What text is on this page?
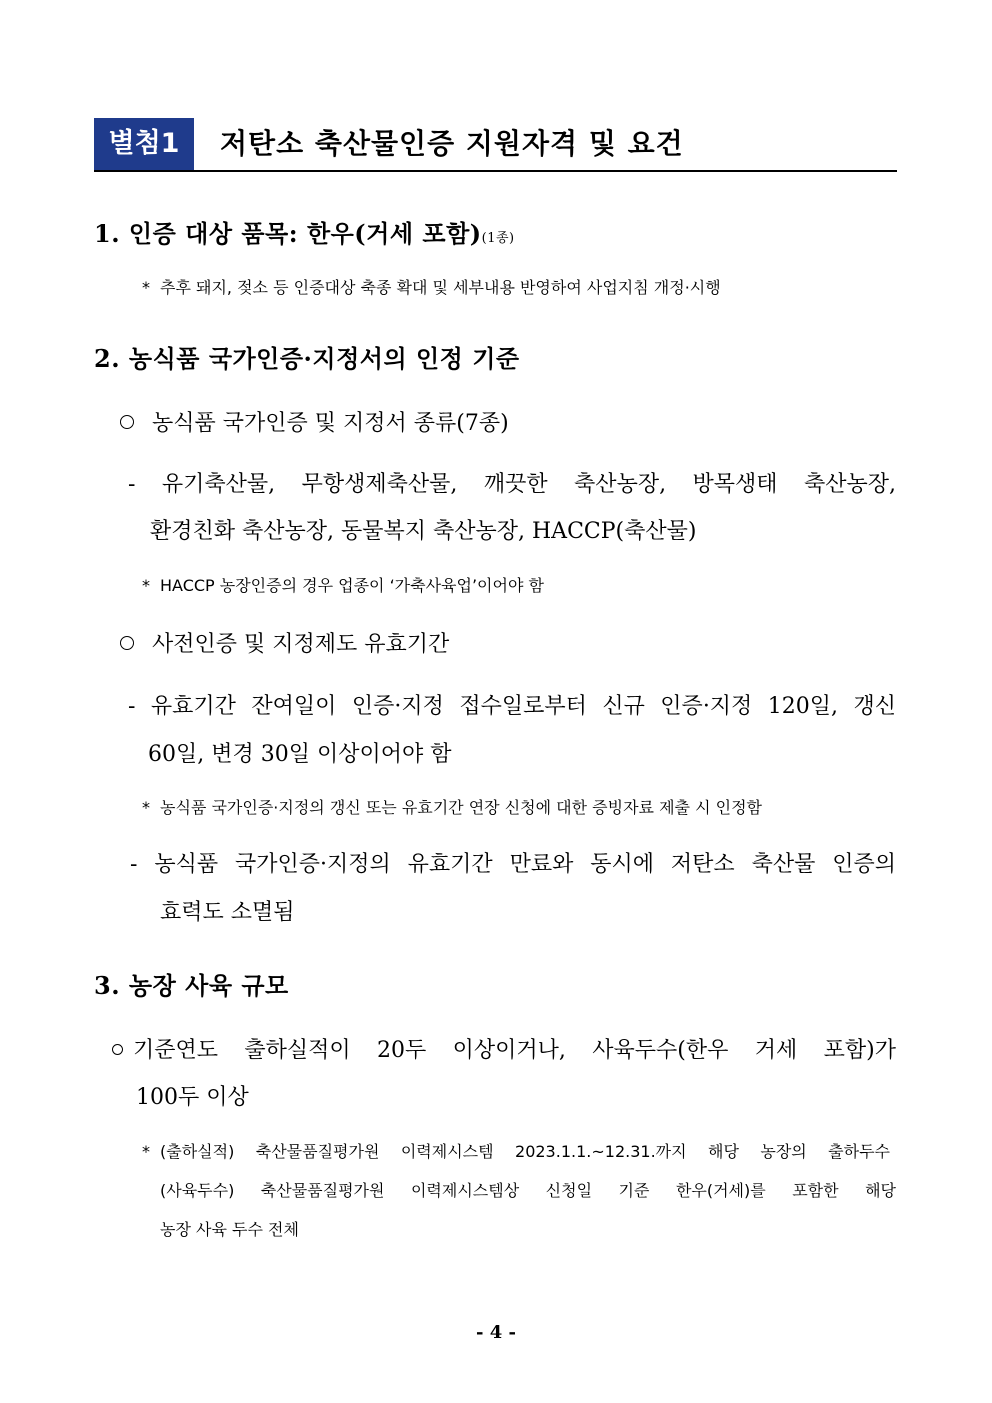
별첨1	저탄소 축산물인증 지원자격 및 요건
1. 인증 대상 품목: 한우(거세 포함)(1종)
* 추후 돼지, 젖소 등 인증대상 축종 확대 및 세부내용 반영하여 사업지침 개정·시행
2. 농식품 국가인증·지정서의 인정 기준
농식품 국가인증 및 지정서 종류(7종)
- 유기축산물, 무항생제축산물, 깨끗한 축산농장, 방목생태 축산농장,
환경친화 축산농장, 동물복지 축산농장, HACCP(축산물)
* HACCP 농장인증의 경우 업종이 ‘가축사육업’이어야 함
사전인증 및 지정제도 유효기간
- 유효기간 잔여일이 인증·지정 접수일로부터 신규 인증·지정 120일, 갱신
60일, 변경 30일 이상이어야 함
* 농식품 국가인증·지정의 갱신 또는 유효기간 연장 신청에 대한 증빙자료 제출 시 인정함
- 농식품 국가인증·지정의 유효기간 만료와 동시에 저탄소 축산물 인증의
효력도 소멸됨
3. 농장 사육 규모
기준연도 출하실적이 20두 이상이거나, 사육두수(한우 거세 포함)가
100두 이상
* (출하실적) 축산물품질평가원 이력제시스템 2023.1.1.~12.31.까지 해당 농장의 출하두수
(사육두수) 축산물품질평가원 이력제시스템상 신청일 기준 한우(거세)를 포함한 해당
농장 사육 두수 전체
- 4 -
